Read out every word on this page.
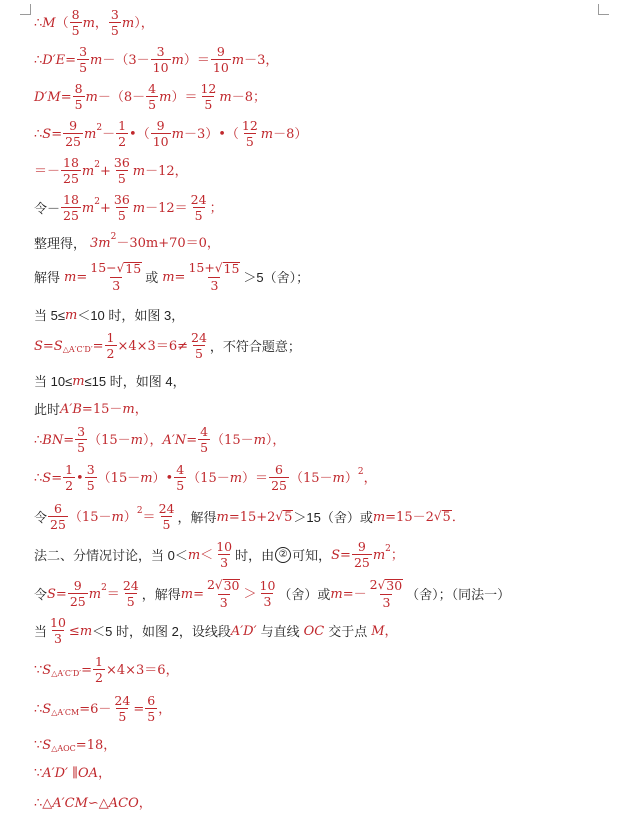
∴ M （ $\frac{8}{5}$ m ， $\frac{3}{5}$ m ），
∴ $D'E = \frac{3}{5}$ $m -(3- \frac{3}{10}$ m ）＝ $\frac{9}{10}$ m －3，
$D'M = \frac{8}{5}$ $m -(8- \frac{4}{5}$ m ）＝ $\frac{12}{5}$ m －8；
∴ $S = \frac{9}{25}$ m $2 - \frac{1}{2}$ •（ $\frac{9}{10}$ m －3）•（ $\frac{12}{5}$ m －8）
＝－ $\frac{18}{25}$ m $2 + \frac{36}{5}$ m －12，
令－ $\frac{18}{25}$ m $2 + \frac{36}{5}$ $m -12= \frac{24}{5}$ ；
整理得， 3m 2 －30m+70＝0，
解得 $m = \frac{15- √ 15}{3}$ 或 $m = \frac{15+ √ 15}{3} >5$（舍）；
当 5≤ m ＜10 时，如图 3，
S =S △A′C′D′ = $\frac{1}{2} \times 4\times 3=6\ne \frac{24}{5}$ ，不符合题意；
当 10≤ m ≤15 时，如图 4，
此时 A′B =15－ m ，
∴ BN = $\frac{3}{5} (15- m$ ）， $A'N = \frac{4}{5} (15- m$ ），
∴ $S = \frac{1}{2}$ • $\frac{3}{5} (15- m$ ）• $\frac{4}{5} (15- m$ ）＝ $\frac{6}{25} (15- m$ ） 2 ，
令 $\frac{6}{25} (15- m$ ） $2 = \frac{24}{5}$ ，解得 m =15+2 √ 5 ＞15（舍）或 m =15－2 √ 5 ．
法二、分情况讨论，当 $0< m < \frac{10}{3}$ 时，由 ② 可知， $S = \frac{9}{25}$ m 2 ；
令 $S = \frac{9}{25}$ m $2 = \frac{24}{5}$ ，解得 $m = \frac{2 √ 30}{3} > \frac{10}{3}$ （舍）或 $m =- \frac{2 √ 30}{3}$ （舍）；（同法一）
当 $\frac{10}{3} \le m <5$ 时，如图 2，设线段 A′D′ 与直线 OC 交于点 M ，
∵ S △A′C′D′ = $\frac{1}{2} \times 4\times 3=6$，
∴ S △A′CM $=6- \frac{24}{5} = \frac{6}{5}$ ，
∵ S △AOC =18，
∵ A′D′ ∥ OA ，
∴△ A′CM ∽△ ACO ，
